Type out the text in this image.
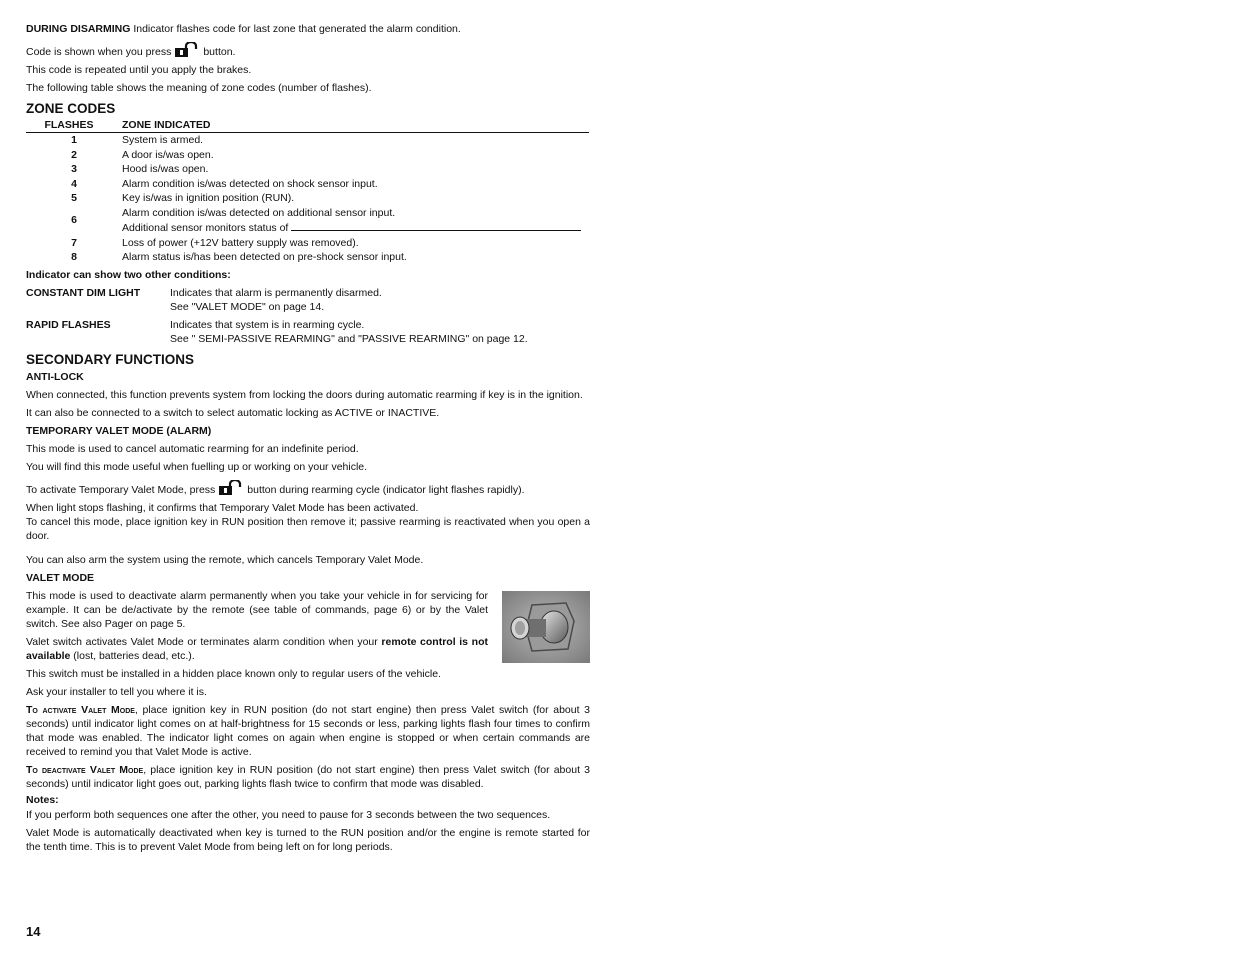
DURING DISARMING Indicator flashes code for last zone that generated the alarm condition.

Code is shown when you press	button.

This code is repeated until you apply the brakes.

The following table shows the meaning of zone codes (number of flashes).

ZONE CODES
FLASHES	ZONE INDICATED
1	System is armed.
2	A door is/was open.
3	Hood is/was open.
4	Alarm condition is/was detected on shock sensor input.
5	Key is/was in ignition position (RUN).
6	Alarm condition is/was detected on additional sensor input.
Additional sensor monitors status of

7	Loss of power (+12V battery supply was removed).
8	Alarm status is/has been detected on pre-shock sensor input.

Indicator can show two other conditions:

CONSTANT DIM LIGHT	Indicates that alarm is permanently disarmed.
See "VALET MODE" on page 14.
RAPID FLASHES	Indicates that system is in rearming cycle.
See " SEMI-PASSIVE REARMING" and "PASSIVE REARMING" on page 12.
SECONDARY FUNCTIONS
ANTI-LOCK

When connected, this function prevents system from locking the doors during automatic rearming if key is in the ignition.

It can also be connected to a switch to select automatic locking as ACTIVE or INACTIVE.

TEMPORARY VALET MODE (ALARM)

This mode is used to cancel automatic rearming for an indefinite period.

You will find this mode useful when fuelling up or working on your vehicle.

To activate Temporary Valet Mode, press	button during rearming cycle (indicator light flashes rapidly).

When light stops flashing, it confirms that Temporary Valet Mode has been activated.

To cancel this mode, place ignition key in RUN position then remove it; passive rearming is reactivated when you open a door.

You can also arm the system using the remote, which cancels Temporary Valet Mode.

VALET MODE

This mode is used to deactivate alarm permanently when you take your vehicle in for servicing for example. It can be de/activate by the remote (see table of commands, page 6) or by the Valet switch. See also Pager on page 5.

Valet switch activates Valet Mode or terminates alarm condition when your remote control is not available (lost, batteries dead, etc.).

This switch must be installed in a hidden place known only to regular users of the vehicle.

Ask your installer to tell you where it is.

To activate Valet Mode, place ignition key in RUN position (do not start engine) then press Valet switch (for about 3 seconds) until indicator light comes on at half-brightness for 15 seconds or less, parking lights flash four times to confirm that mode was enabled. The indicator light comes on again when engine is stopped or when certain commands are received to remind you that Valet Mode is active.

To deactivate Valet Mode, place ignition key in RUN position (do not start engine) then press Valet switch (for about 3 seconds) until indicator light goes out, parking lights flash twice to confirm that mode was disabled.

Notes:

If you perform both sequences one after the other, you need to pause for 3 seconds between the two sequences.

Valet Mode is automatically deactivated when key is turned to the RUN position and/or the engine is remote started for the tenth time. This is to prevent Valet Mode from being left on for long periods.

14
